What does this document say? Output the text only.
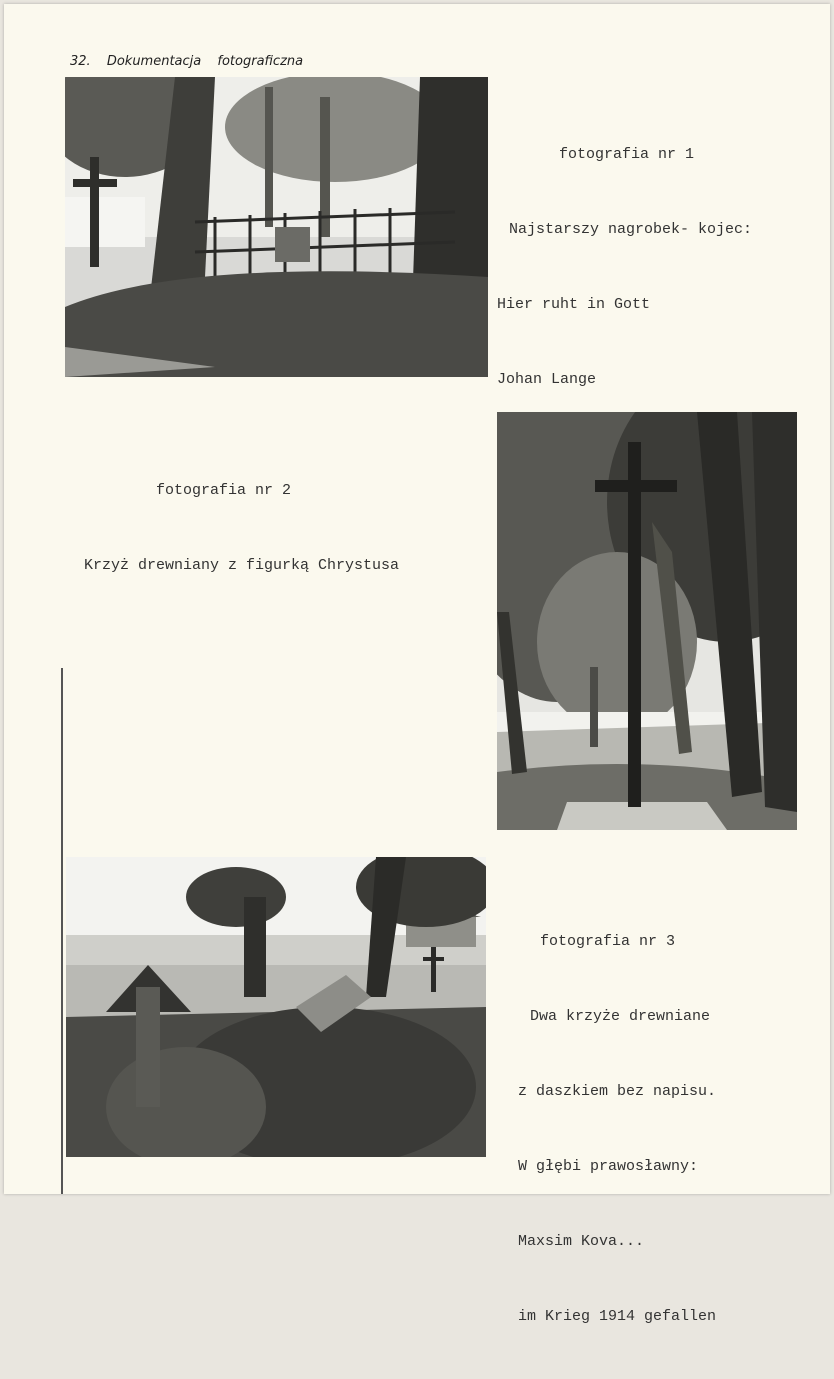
32. Dokumentacja fotograficzna

fotografia nr 1

Najstarszy nagrobek- kojec:

Hier ruht in Gott

Johan Lange

fotografia nr 2

Krzyż drewniany z figurką Chrystusa

fotografia nr 3

Dwa krzyże drewniane

z daszkiem bez napisu.

W głębi prawosławny:

Maxsim Kova...

im Krieg 1914 gefallen
